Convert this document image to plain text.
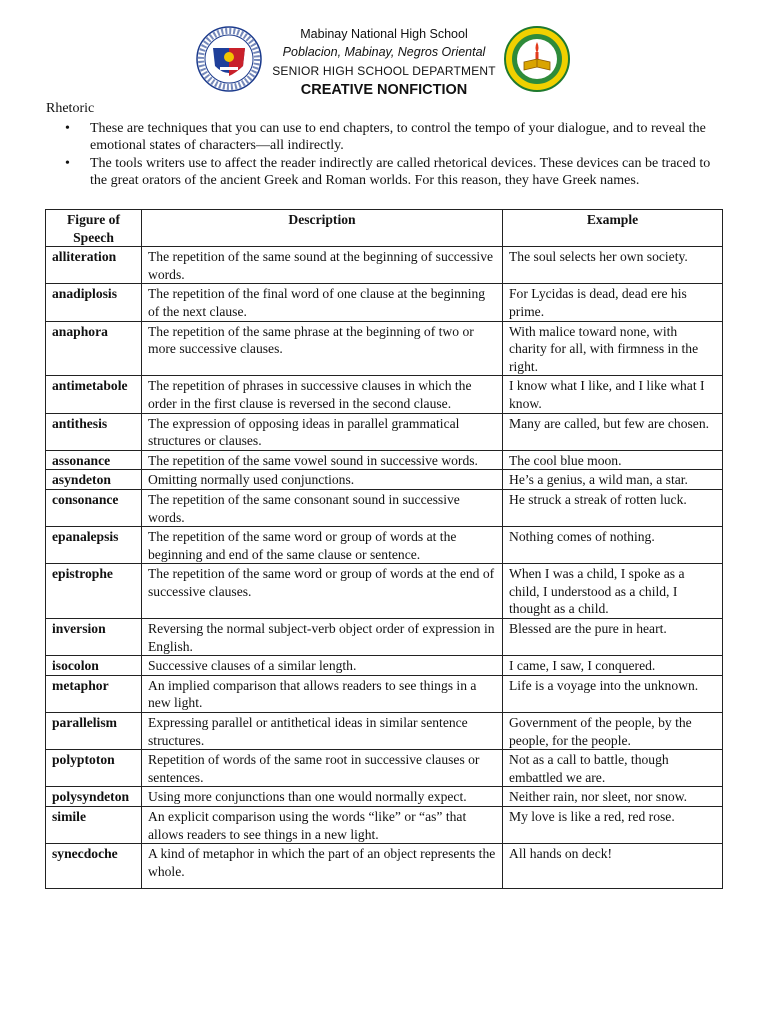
Mabinay National High School
Poblacion, Mabinay, Negros Oriental
SENIOR HIGH SCHOOL DEPARTMENT
CREATIVE NONFICTION
Rhetoric
• These are techniques that you can use to end chapters, to control the tempo of your dialogue, and to reveal the emotional states of characters—all indirectly.
• The tools writers use to affect the reader indirectly are called rhetorical devices. These devices can be traced to the great orators of the ancient Greek and Roman worlds. For this reason, they have Greek names.
Figure of Speech	Description	Example
alliteration	The repetition of the same sound at the beginning of successive words.	The soul selects her own society.
anadiplosis	The repetition of the final word of one clause at the beginning of the next clause.	For Lycidas is dead, dead ere his prime.
anaphora	The repetition of the same phrase at the beginning of two or more successive clauses.	With malice toward none, with charity for all, with firmness in the right.
antimetabole	The repetition of phrases in successive clauses in which the order in the first clause is reversed in the second clause.	I know what I like, and I like what I know.
antithesis	The expression of opposing ideas in parallel grammatical structures or clauses.	Many are called, but few are chosen.
assonance	The repetition of the same vowel sound in successive words.	The cool blue moon.
asyndeton	Omitting normally used conjunctions.	He’s a genius, a wild man, a star.
consonance	The repetition of the same consonant sound in successive words.	He struck a streak of rotten luck.
epanalepsis	The repetition of the same word or group of words at the beginning and end of the same clause or sentence.	Nothing comes of nothing.
epistrophe	The repetition of the same word or group of words at the end of successive clauses.	When I was a child, I spoke as a child, I understood as a child, I thought as a child.
inversion	Reversing the normal subject-verb object order of expression in English.	Blessed are the pure in heart.
isocolon	Successive clauses of a similar length.	I came, I saw, I conquered.
metaphor	An implied comparison that allows readers to see things in a new light.	Life is a voyage into the unknown.
parallelism	Expressing parallel or antithetical ideas in similar sentence structures.	Government of the people, by the people, for the people.
polyptoton	Repetition of words of the same root in successive clauses or sentences.	Not as a call to battle, though embattled we are.
polysyndeton	Using more conjunctions than one would normally expect.	Neither rain, nor sleet, nor snow.
simile	An explicit comparison using the words “like” or “as” that allows readers to see things in a new light.	My love is like a red, red rose.
synecdoche	A kind of metaphor in which the part of an object represents the whole.	All hands on deck!
